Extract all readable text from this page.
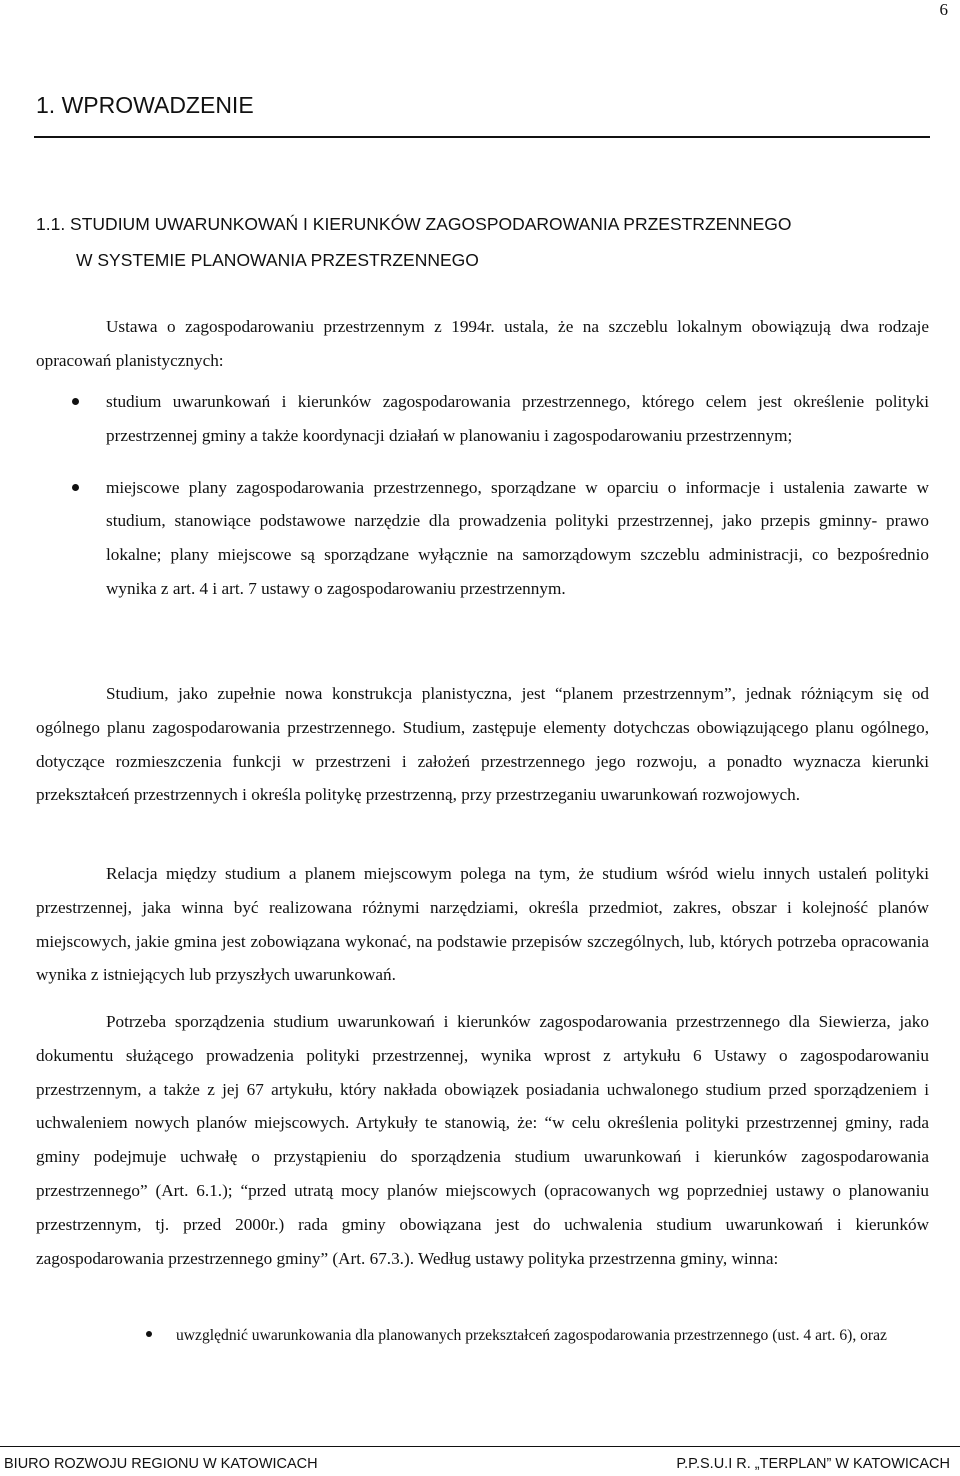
6
1. WPROWADZENIE
1.1. STUDIUM UWARUNKOWAŃ I KIERUNKÓW ZAGOSPODAROWANIA PRZESTRZENNEGO
W SYSTEMIE PLANOWANIA PRZESTRZENNEGO

Ustawa o zagospodarowaniu przestrzennym z 1994r. ustala, że na szczeblu lokalnym obowiązują dwa rodzaje opracowań planistycznych:

studium uwarunkowań i kierunków zagospodarowania przestrzennego, którego celem jest określenie polityki przestrzennej gminy a także koordynacji działań w planowaniu i zagospodarowaniu przestrzennym;
miejscowe plany zagospodarowania przestrzennego, sporządzane w oparciu o informacje i ustalenia zawarte w studium, stanowiące podstawowe narzędzie dla prowadzenia polityki przestrzennej, jako przepis gminny- prawo lokalne; plany miejscowe są sporządzane wyłącznie na samorządowym szczeblu administracji, co bezpośrednio wynika z art. 4 i art. 7 ustawy o zagospodarowaniu przestrzennym.

Studium, jako zupełnie nowa konstrukcja planistyczna, jest “planem przestrzennym”, jednak różniącym się od ogólnego planu zagospodarowania przestrzennego. Studium, zastępuje elementy dotychczas obowiązującego planu ogólnego, dotyczące rozmieszczenia funkcji w przestrzeni i założeń przestrzennego jego rozwoju, a ponadto wyznacza kierunki przekształceń przestrzennych i określa politykę przestrzenną, przy przestrzeganiu uwarunkowań rozwojowych.

Relacja między studium a planem miejscowym polega na tym, że studium wśród wielu innych ustaleń polityki przestrzennej, jaka winna być realizowana różnymi narzędziami, określa przedmiot, zakres, obszar i kolejność planów miejscowych, jakie gmina jest zobowiązana wykonać, na podstawie przepisów szczególnych, lub, których potrzeba opracowania wynika z istniejących lub przyszłych uwarunkowań.

Potrzeba sporządzenia studium uwarunkowań i kierunków zagospodarowania przestrzennego dla Siewierza, jako dokumentu służącego prowadzenia polityki przestrzennej, wynika wprost z artykułu 6 Ustawy o zagospodarowaniu przestrzennym, a także z jej 67 artykułu, który nakłada obowiązek posiadania uchwalonego studium przed sporządzeniem i uchwaleniem nowych planów miejscowych. Artykuły te stanowią, że: “w celu określenia polityki przestrzennej gminy, rada gminy podejmuje uchwałę o przystąpieniu do sporządzenia studium uwarunkowań i kierunków zagospodarowania przestrzennego” (Art. 6.1.); “przed utratą mocy planów miejscowych (opracowanych wg poprzedniej ustawy o planowaniu przestrzennym, tj. przed 2000r.) rada gminy obowiązana jest do uchwalenia studium uwarunkowań i kierunków zagospodarowania przestrzennego gminy” (Art. 67.3.). Według ustawy polityka przestrzenna gminy, winna:

uwzględnić uwarunkowania dla planowanych przekształceń zagospodarowania przestrzennego (ust. 4 art. 6), oraz
BIURO ROZWOJU REGIONU W KATOWICACH	P.P.S.U.I R. „TERPLAN” W KATOWICACH
